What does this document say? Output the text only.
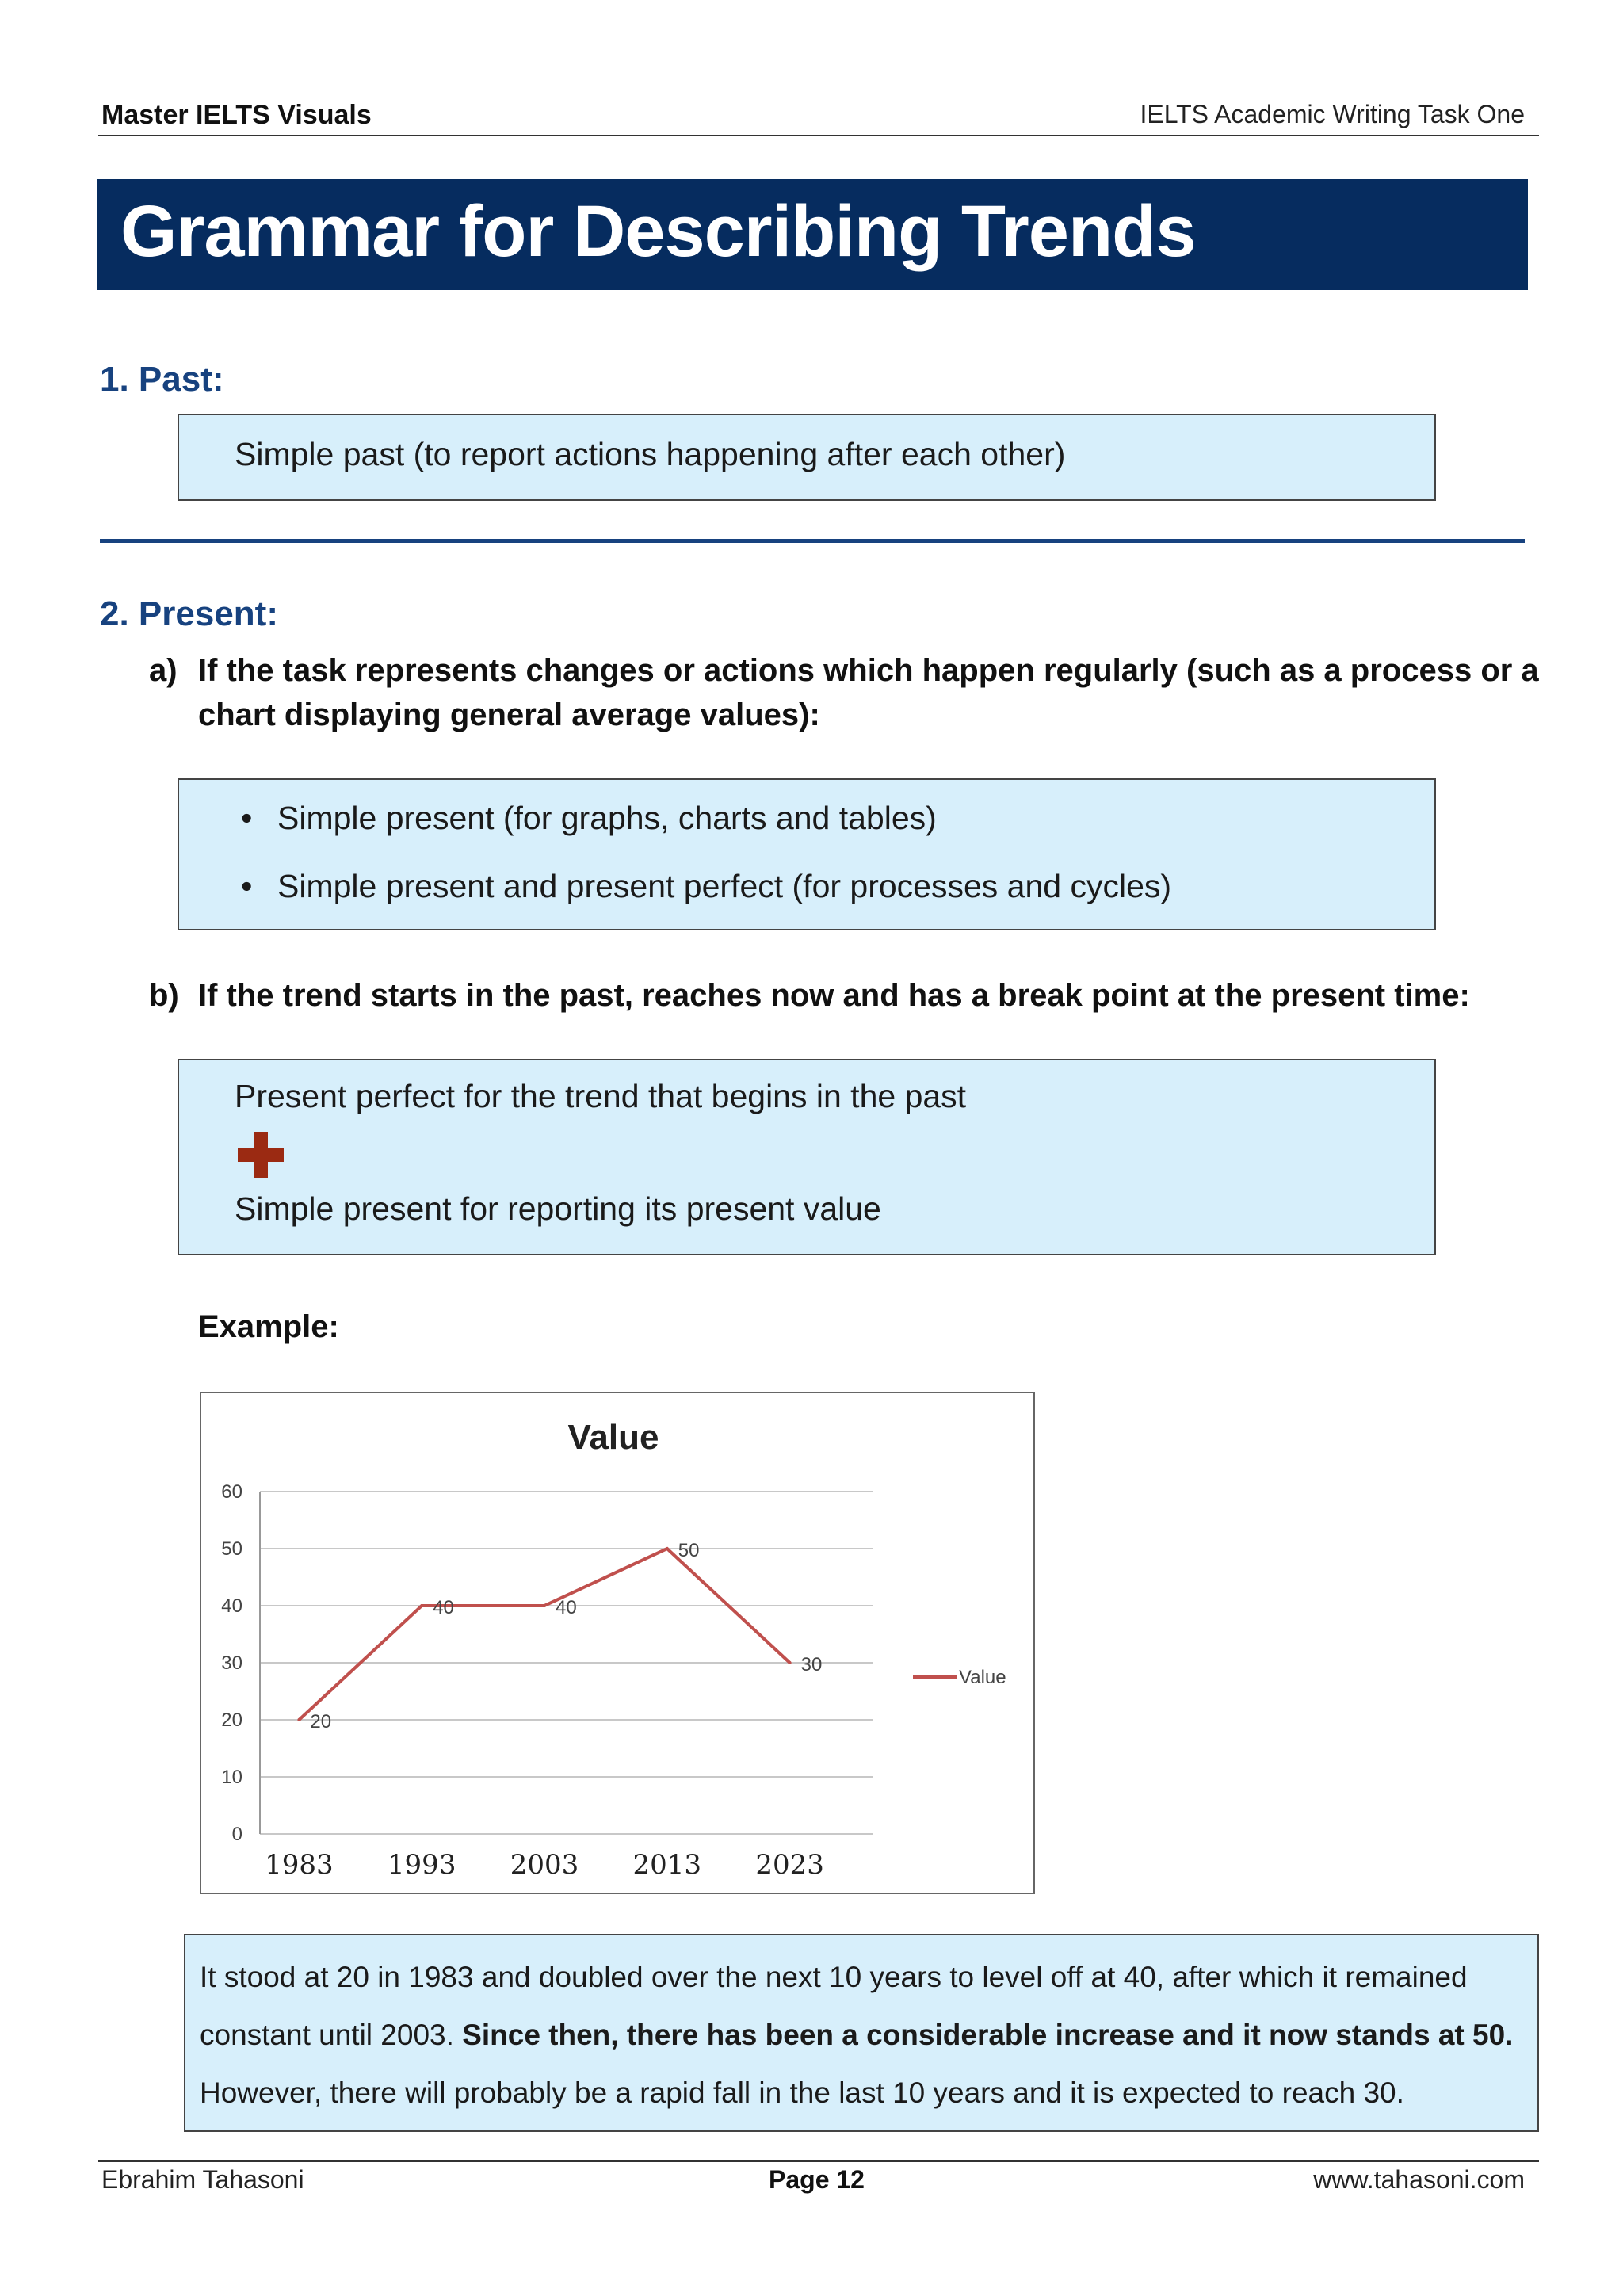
Master IELTS Visuals	IELTS Academic Writing Task One
Grammar for Describing Trends
1. Past:
Simple past (to report actions happening after each other)
2. Present:
a) If the task represents changes or actions which happen regularly (such as a process or a chart displaying general average values):
• Simple present (for graphs, charts and tables)
• Simple present and present perfect (for processes and cycles)
b) If the trend starts in the past, reaches now and has a break point at the present time:
Present perfect for the trend that begins in the past
Simple present for reporting its present value
Example:
Value
0
10
20
30
40
50
60
1983 1993 2003 2013 2023
20
40	40
50
30
Value
It stood at 20 in 1983 and doubled over the next 10 years to level off at 40, after which it remained constant until 2003. Since then, there has been a considerable increase and it now stands at 50. However, there will probably be a rapid fall in the last 10 years and it is expected to reach 30.
Ebrahim Tahasoni	Page 12	www.tahasoni.com
